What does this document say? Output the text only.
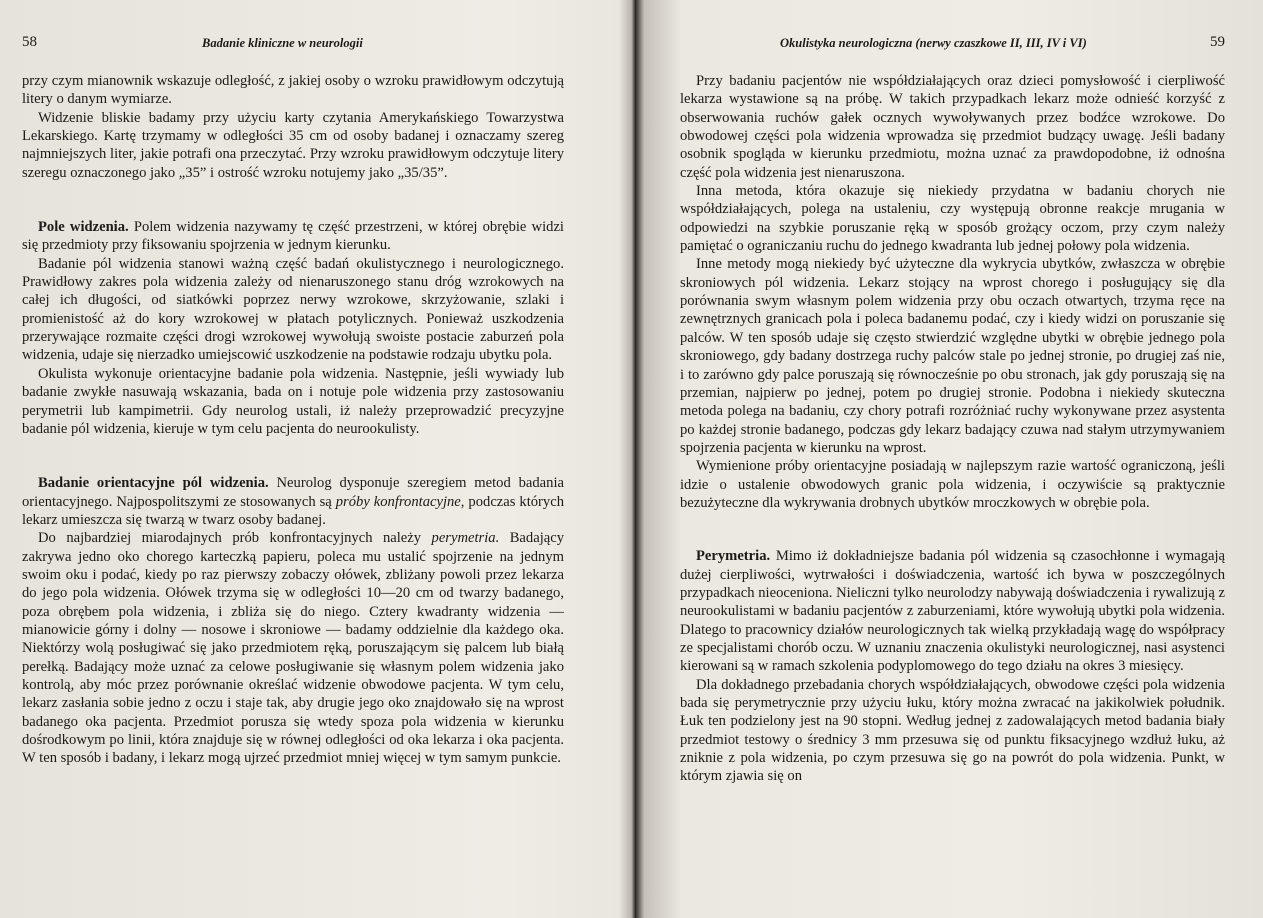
58	Badanie kliniczne w neurologii

przy czym mianownik wskazuje odległość, z jakiej osoby o wzroku prawidłowym odczytują litery o danym wymiarze.

Widzenie bliskie badamy przy użyciu karty czytania Amerykańskiego Towarzystwa Lekarskiego. Kartę trzymamy w odległości 35 cm od osoby badanej i oznaczamy szereg najmniejszych liter, jakie potrafi ona przeczytać. Przy wzroku prawidłowym odczytuje litery szeregu oznaczonego jako „35” i ostrość wzroku notujemy jako „35/35”.

Pole widzenia. Polem widzenia nazywamy tę część przestrzeni, w której obrębie widzi się przedmioty przy fiksowaniu spojrzenia w jednym kierunku.

Badanie pól widzenia stanowi ważną część badań okulistycznego i neurologicznego. Prawidłowy zakres pola widzenia zależy od nienaruszonego stanu dróg wzrokowych na całej ich długości, od siatkówki poprzez nerwy wzrokowe, skrzyżowanie, szlaki i promienistość aż do kory wzrokowej w płatach potylicznych. Ponieważ uszkodzenia przerywające rozmaite części drogi wzrokowej wywołują swoiste postacie zaburzeń pola widzenia, udaje się nierzadko umiejscowić uszkodzenie na podstawie rodzaju ubytku pola.

Okulista wykonuje orientacyjne badanie pola widzenia. Następnie, jeśli wywiady lub badanie zwykłe nasuwają wskazania, bada on i notuje pole widzenia przy zastosowaniu perymetrii lub kampimetrii. Gdy neurolog ustali, iż należy przeprowadzić precyzyjne badanie pól widzenia, kieruje w tym celu pacjenta do neurookulisty.

Badanie orientacyjne pól widzenia. Neurolog dysponuje szeregiem metod badania orientacyjnego. Najpospolitszymi ze stosowanych są próby konfrontacyjne, podczas których lekarz umieszcza się twarzą w twarz osoby badanej.

Do najbardziej miarodajnych prób konfrontacyjnych należy perymetria. Badający zakrywa jedno oko chorego karteczką papieru, poleca mu ustalić spojrzenie na jednym swoim oku i podać, kiedy po raz pierwszy zobaczy ołówek, zbliżany powoli przez lekarza do jego pola widzenia. Ołówek trzyma się w odległości 10—20 cm od twarzy badanego, poza obrębem pola widzenia, i zbliża się do niego. Cztery kwadranty widzenia — mianowicie górny i dolny — nosowe i skroniowe — badamy oddzielnie dla każdego oka. Niektórzy wolą posługiwać się jako przedmiotem ręką, poruszającym się palcem lub białą perełką. Badający może uznać za celowe posługiwanie się własnym polem widzenia jako kontrolą, aby móc przez porównanie określać widzenie obwodowe pacjenta. W tym celu, lekarz zasłania sobie jedno z oczu i staje tak, aby drugie jego oko znajdowało się na wprost badanego oka pacjenta. Przedmiot porusza się wtedy spoza pola widzenia w kierunku dośrodkowym po linii, która znajduje się w równej odległości od oka lekarza i oka pacjenta. W ten sposób i badany, i lekarz mogą ujrzeć przedmiot mniej więcej w tym samym punkcie.

Okulistyka neurologiczna (nerwy czaszkowe II, III, IV i VI)	59

Przy badaniu pacjentów nie współdziałających oraz dzieci pomysłowość i cierpliwość lekarza wystawione są na próbę. W takich przypadkach lekarz może odnieść korzyść z obserwowania ruchów gałek ocznych wywoływanych przez bodźce wzrokowe. Do obwodowej części pola widzenia wprowadza się przedmiot budzący uwagę. Jeśli badany osobnik spogląda w kierunku przedmiotu, można uznać za prawdopodobne, iż odnośna część pola widzenia jest nienaruszona.

Inna metoda, która okazuje się niekiedy przydatna w badaniu chorych nie współdziałających, polega na ustaleniu, czy występują obronne reakcje mrugania w odpowiedzi na szybkie poruszanie ręką w sposób grożący oczom, przy czym należy pamiętać o ograniczaniu ruchu do jednego kwadranta lub jednej połowy pola widzenia.

Inne metody mogą niekiedy być użyteczne dla wykrycia ubytków, zwłaszcza w obrębie skroniowych pól widzenia. Lekarz stojący na wprost chorego i posługujący się dla porównania swym własnym polem widzenia przy obu oczach otwartych, trzyma ręce na zewnętrznych granicach pola i poleca badanemu podać, czy i kiedy widzi on poruszanie się palców. W ten sposób udaje się często stwierdzić względne ubytki w obrębie jednego pola skroniowego, gdy badany dostrzega ruchy palców stale po jednej stronie, po drugiej zaś nie, i to zarówno gdy palce poruszają się równocześnie po obu stronach, jak gdy poruszają się na przemian, najpierw po jednej, potem po drugiej stronie. Podobna i niekiedy skuteczna metoda polega na badaniu, czy chory potrafi rozróżniać ruchy wykonywane przez asystenta po każdej stronie badanego, podczas gdy lekarz badający czuwa nad stałym utrzymywaniem spojrzenia pacjenta w kierunku na wprost.

Wymienione próby orientacyjne posiadają w najlepszym razie wartość ograniczoną, jeśli idzie o ustalenie obwodowych granic pola widzenia, i oczywiście są praktycznie bezużyteczne dla wykrywania drobnych ubytków mroczkowych w obrębie pola.

Perymetria. Mimo iż dokładniejsze badania pól widzenia są czasochłonne i wymagają dużej cierpliwości, wytrwałości i doświadczenia, wartość ich bywa w poszczególnych przypadkach nieoceniona. Nieliczni tylko neurolodzy nabywają doświadczenia i rywalizują z neurookulistami w badaniu pacjentów z zaburzeniami, które wywołują ubytki pola widzenia. Dlatego to pracownicy działów neurologicznych tak wielką przykładają wagę do współpracy ze specjalistami chorób oczu. W uznaniu znaczenia okulistyki neurologicznej, nasi asystenci kierowani są w ramach szkolenia podyplomowego do tego działu na okres 3 miesięcy.

Dla dokładnego przebadania chorych współdziałających, obwodowe części pola widzenia bada się perymetrycznie przy użyciu łuku, który można zwracać na jakikolwiek południk. Łuk ten podzielony jest na 90 stopni. Według jednej z zadowalających metod badania biały przedmiot testowy o średnicy 3 mm przesuwa się od punktu fiksacyjnego wzdłuż łuku, aż zniknie z pola widzenia, po czym przesuwa się go na powrót do pola widzenia. Punkt, w którym zjawia się on
